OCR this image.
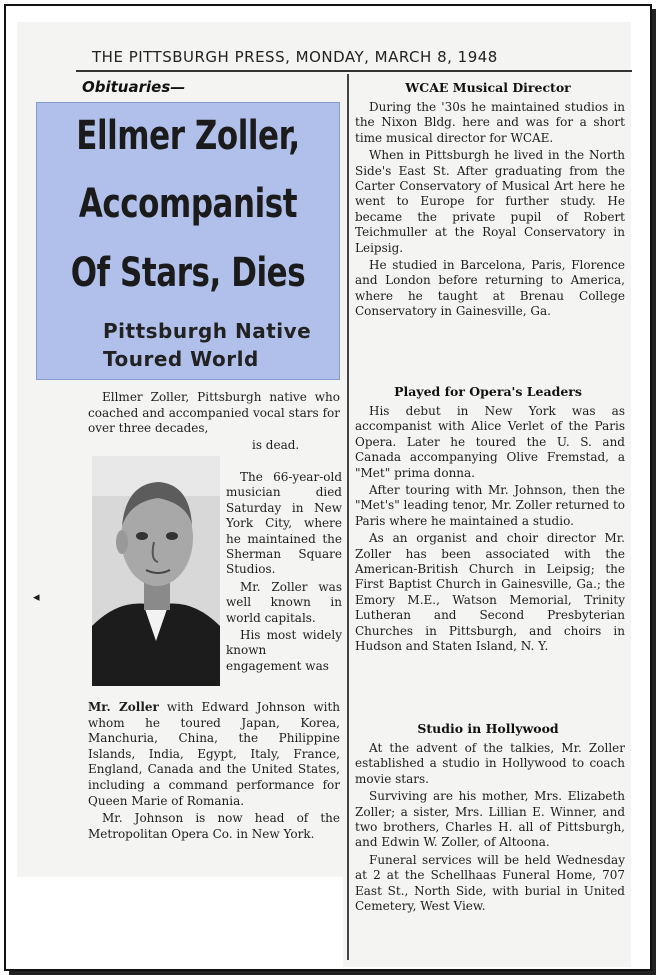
THE PITTSBURGH PRESS, MONDAY, MARCH 8, 1948
Obituaries—
Ellmer Zoller,
Accompanist
Of Stars, Dies
Pittsburgh Native
Toured World

Ellmer Zoller, Pittsburgh native who coached and accompanied vocal stars for over three decades,

is dead.

The 66-year-old musician died Saturday in New York City, where he maintained the Sherman Square Studios.

Mr. Zoller was well known in world capitals.

His most widely known engagement was

◂

Mr. Zoller with Edward Johnson with whom he toured Japan, Korea, Manchuria, China, the Philippine Islands, India, Egypt, Italy, France, England, Canada and the United States, including a command performance for Queen Marie of Romania.

Mr. Johnson is now head of the Metropolitan Opera Co. in New York.

WCAE Musical Director

During the '30s he maintained studios in the Nixon Bldg. here and was for a short time musical director for WCAE.

When in Pittsburgh he lived in the North Side's East St. After graduating from the Carter Conservatory of Musical Art here he went to Europe for further study. He became the private pupil of Robert Teichmuller at the Royal Conservatory in Leipsig.

He studied in Barcelona, Paris, Florence and London before returning to America, where he taught at Brenau College Conservatory in Gainesville, Ga.

Played for Opera's Leaders

His debut in New York was as accompanist with Alice Verlet of the Paris Opera. Later he toured the U. S. and Canada accompanying Olive Fremstad, a "Met" prima donna.

After touring with Mr. Johnson, then the "Met's" leading tenor, Mr. Zoller returned to Paris where he maintained a studio.

As an organist and choir director Mr. Zoller has been associated with the American-British Church in Leipsig; the First Baptist Church in Gainesville, Ga.; the Emory M.E., Watson Memorial, Trinity Lutheran and Second Presbyterian Churches in Pittsburgh, and choirs in Hudson and Staten Island, N. Y.

Studio in Hollywood

At the advent of the talkies, Mr. Zoller established a studio in Hollywood to coach movie stars.

Surviving are his mother, Mrs. Elizabeth Zoller; a sister, Mrs. Lillian E. Winner, and two brothers, Charles H. all of Pittsburgh, and Edwin W. Zoller, of Altoona.

Funeral services will be held Wednesday at 2 at the Schellhaas Funeral Home, 707 East St., North Side, with burial in United Cemetery, West View.
